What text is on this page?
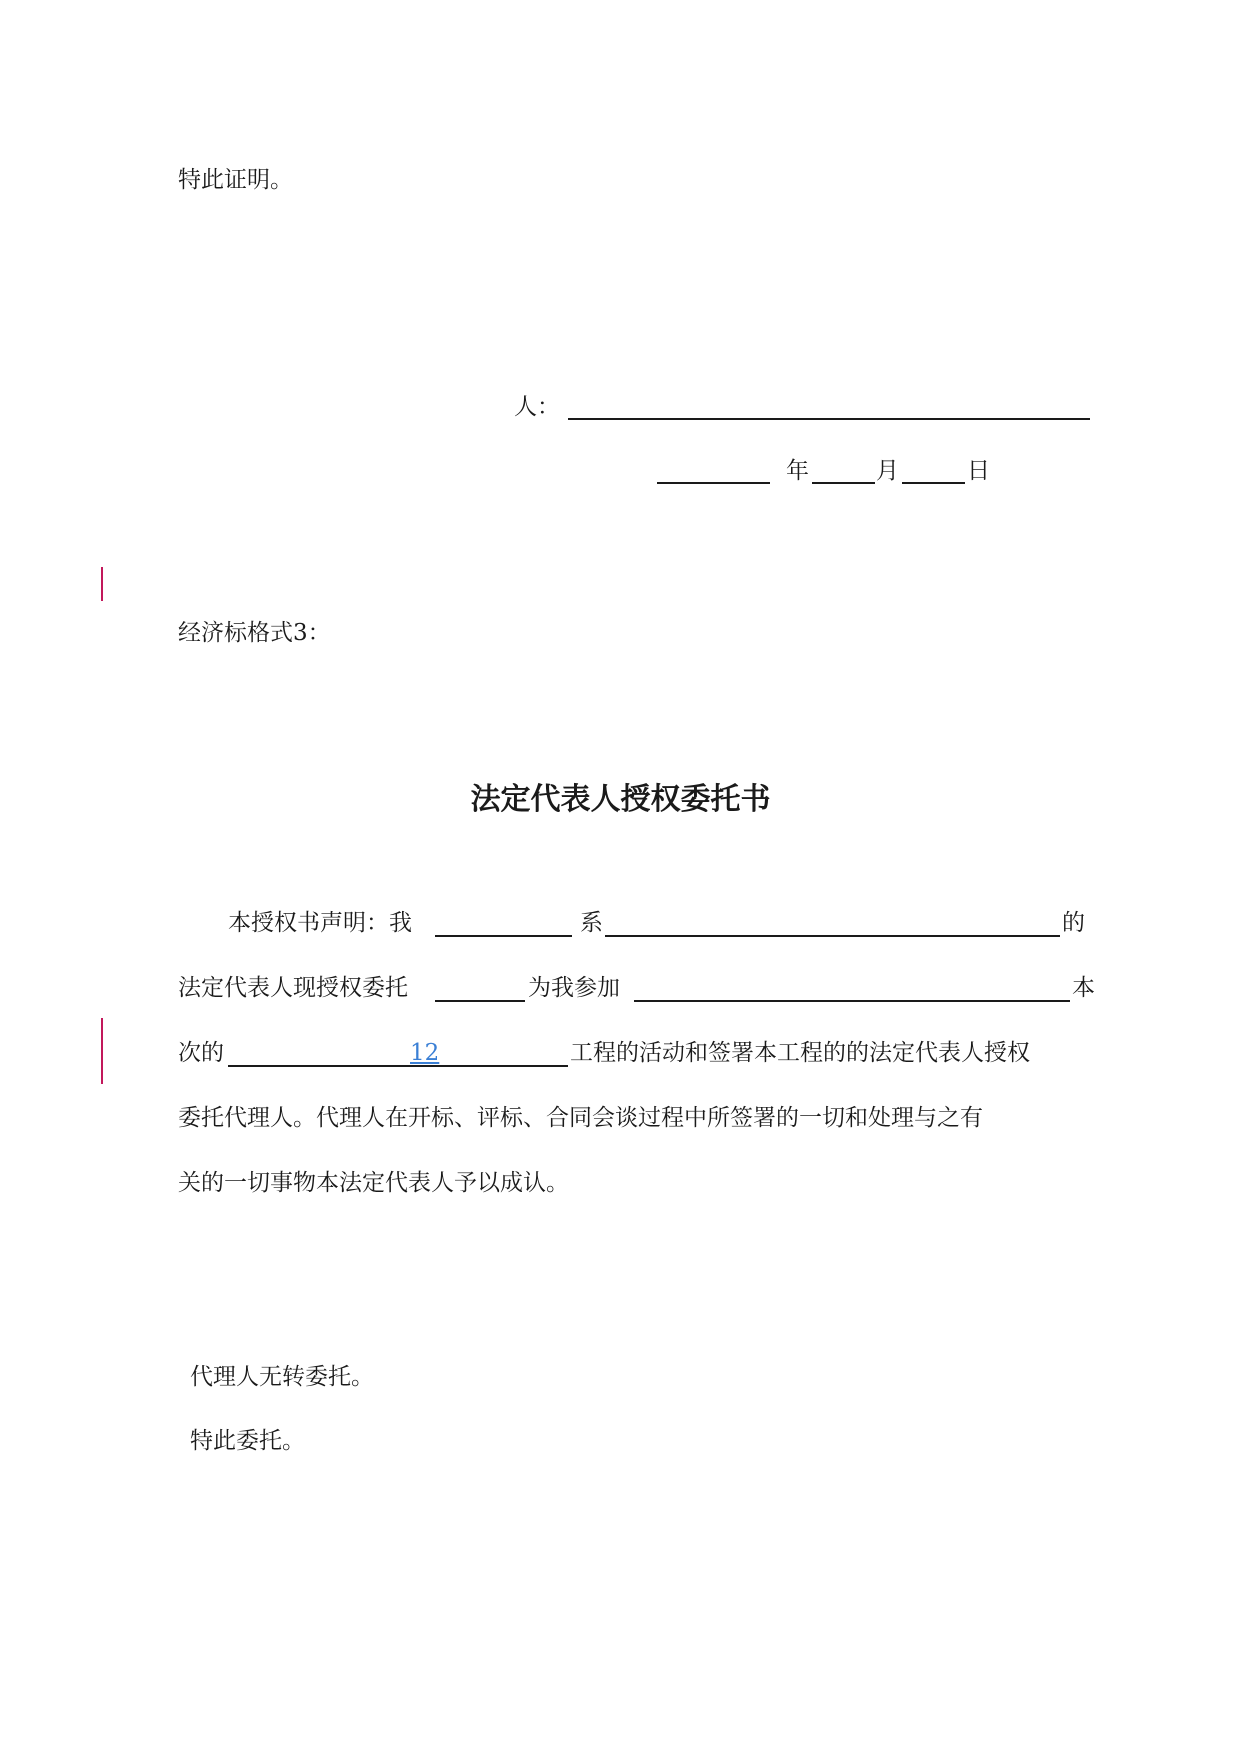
特此证明。
人：
年	月	日
经济标格式3：
法定代表人授权委托书
本授权书声明：我	系	的
法定代表人现授权委托	为我参加	本
次的	12	工程的活动和签署本工程的的法定代表人授权
委托代理人。代理人在开标、评标、合同会谈过程中所签署的一切和处理与之有
关的一切事物本法定代表人予以成认。
代理人无转委托。
特此委托。
